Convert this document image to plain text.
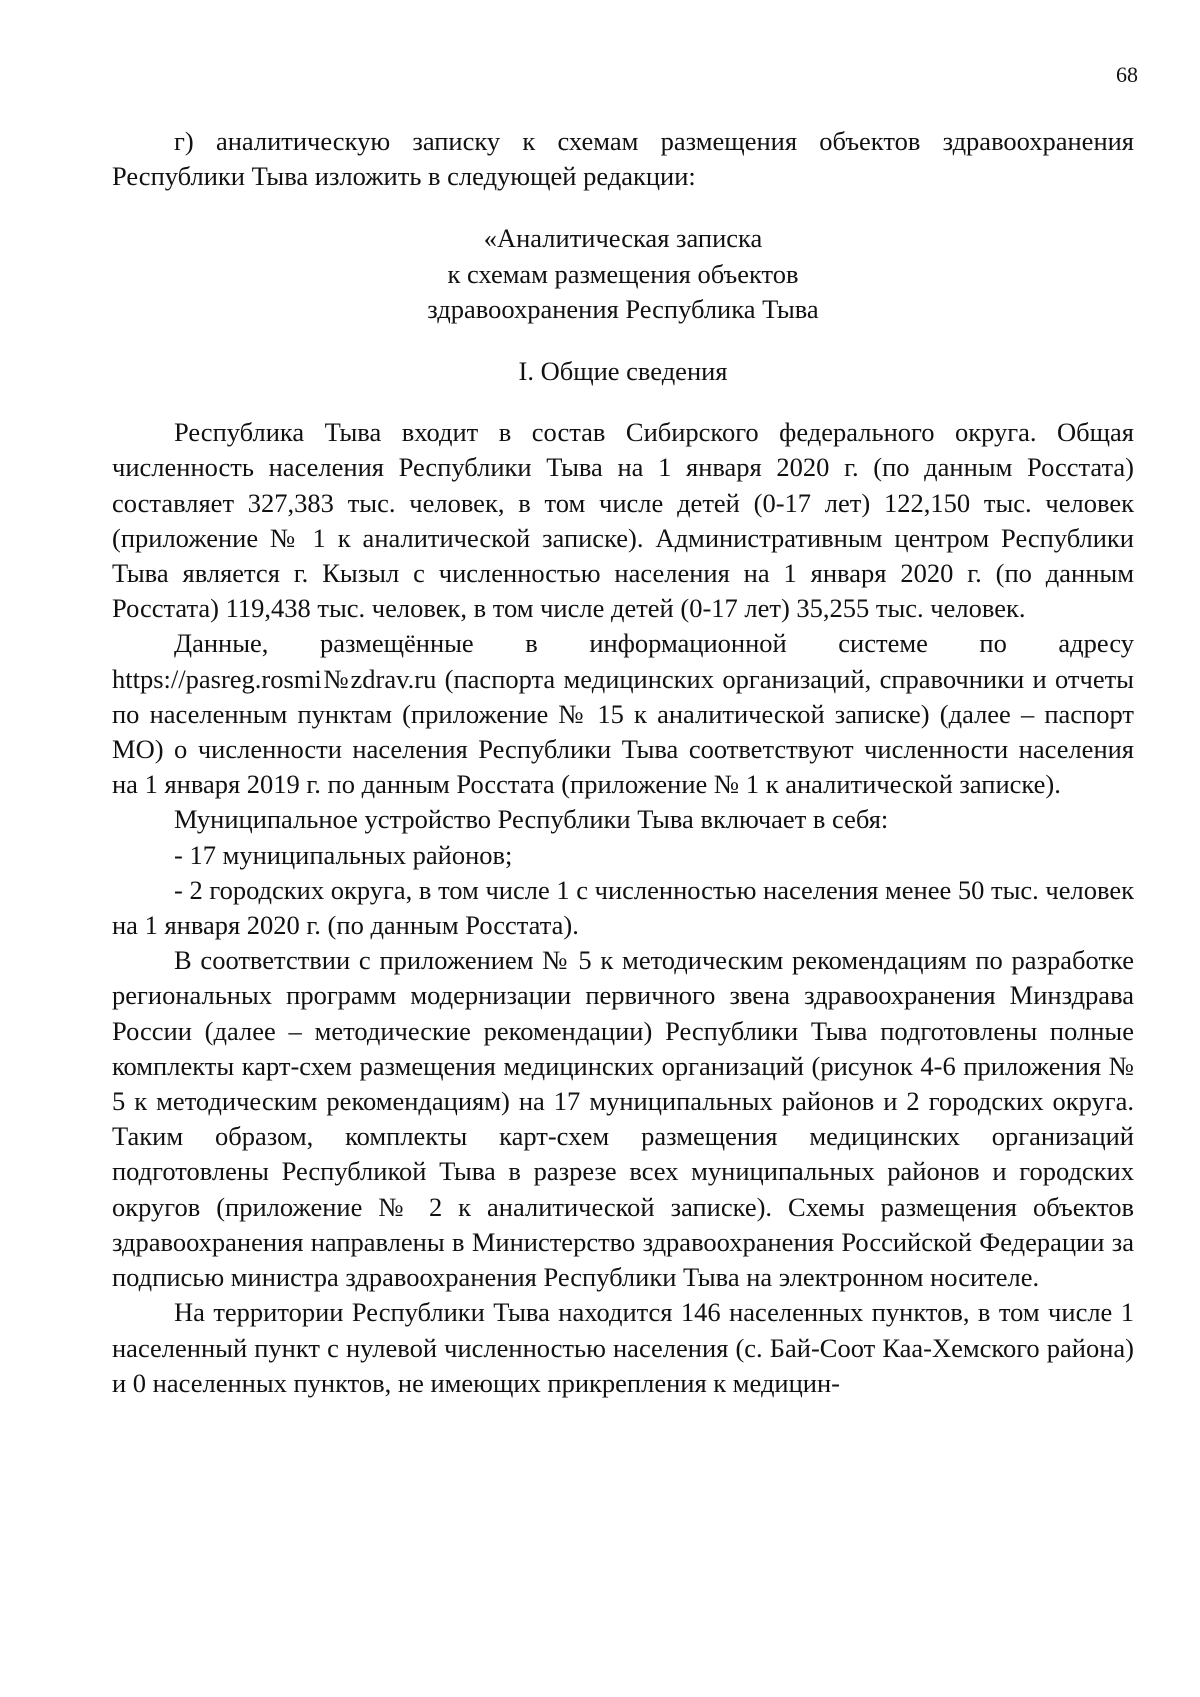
68

г) аналитическую записку к схемам размещения объектов здравоохранения Республики Тыва изложить в следующей редакции:

«Аналитическая записка
к схемам размещения объектов
здравоохранения Республика Тыва
I. Общие сведения

Республика Тыва входит в состав Сибирского федерального округа. Общая численность населения Республики Тыва на 1 января 2020 г. (по данным Росстата) составляет 327,383 тыс. человек, в том числе детей (0-17 лет) 122,150 тыс. человек (приложение № 1 к аналитической записке). Административным центром Республики Тыва является г. Кызыл с численностью населения на 1 января 2020 г. (по данным Росстата) 119,438 тыс. человек, в том числе детей (0-17 лет) 35,255 тыс. человек.

Данные, размещённые в информационной системе по адресу https://pasreg.rosmi№zdrav.ru (паспорта медицинских организаций, справочники и отчеты по населенным пунктам (приложение № 15 к аналитической записке) (далее – паспорт МО) о численности населения Республики Тыва соответствуют численности населения на 1 января 2019 г. по данным Росстата (приложение № 1 к аналитической записке).

Муниципальное устройство Республики Тыва включает в себя:

- 17 муниципальных районов;

- 2 городских округа, в том числе 1 с численностью населения менее 50 тыс. человек на 1 января 2020 г. (по данным Росстата).

В соответствии с приложением № 5 к методическим рекомендациям по разработке региональных программ модернизации первичного звена здравоохранения Минздрава России (далее – методические рекомендации) Республики Тыва подготовлены полные комплекты карт-схем размещения медицинских организаций (рисунок 4-6 приложения № 5 к методическим рекомендациям) на 17 муниципальных районов и 2 городских округа. Таким образом, комплекты карт-схем размещения медицинских организаций подготовлены Республикой Тыва в разрезе всех муниципальных районов и городских округов (приложение № 2 к аналитической записке). Схемы размещения объектов здравоохранения направлены в Министерство здравоохранения Российской Федерации за подписью министра здравоохранения Республики Тыва на электронном носителе.

На территории Республики Тыва находится 146 населенных пунктов, в том числе 1 населенный пункт с нулевой численностью населения (с. Бай-Соот Каа-Хемского района) и 0 населенных пунктов, не имеющих прикрепления к медицин-
